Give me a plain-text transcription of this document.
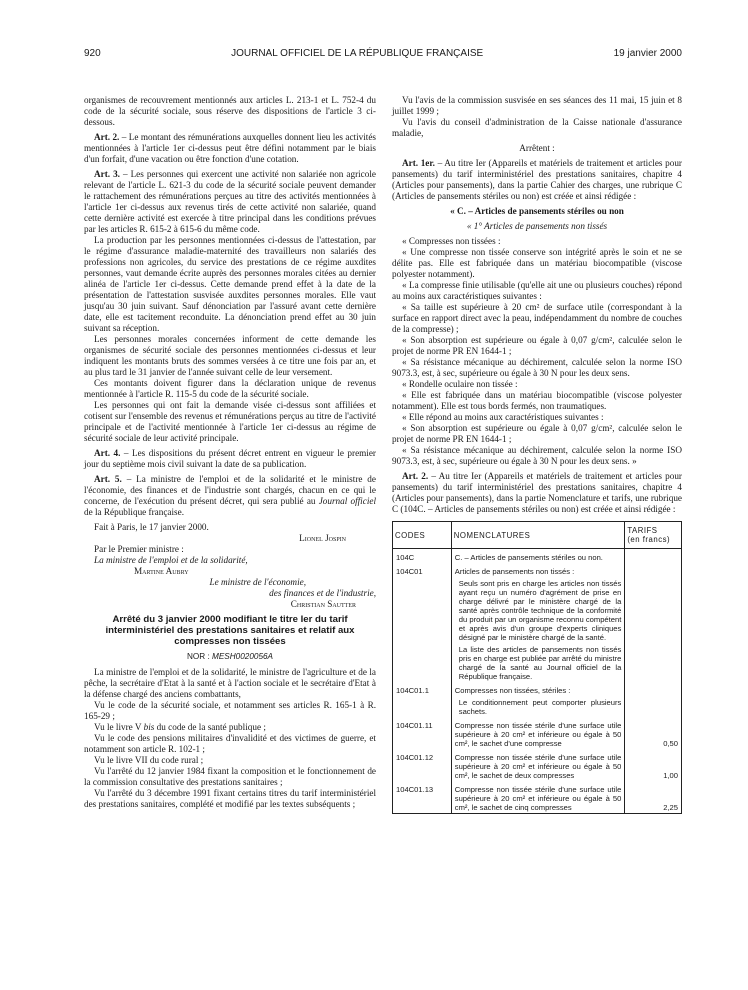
920	JOURNAL OFFICIEL DE LA RÉPUBLIQUE FRANÇAISE	19 janvier 2000

organismes de recouvrement mentionnés aux articles L. 213-1 et L. 752-4 du code de la sécurité sociale, sous réserve des dispositions de l'article 3 ci-dessous.

Art. 2. – Le montant des rémunérations auxquelles donnent lieu les activités mentionnées à l'article 1er ci-dessus peut être défini notamment par le biais d'un forfait, d'une vacation ou être fonction d'une cotation.

Art. 3. – Les personnes qui exercent une activité non salariée non agricole relevant de l'article L. 621-3 du code de la sécurité sociale peuvent demander le rattachement des rémunérations perçues au titre des activités mentionnées à l'article 1er ci-dessus aux revenus tirés de cette activité non salariée, quand cette dernière activité est exercée à titre principal dans les conditions prévues par les articles R. 615-2 à 615-6 du même code.

La production par les personnes mentionnées ci-dessus de l'attestation, par le régime d'assurance maladie-maternité des travailleurs non salariés des professions non agricoles, du service des prestations de ce régime auxdites personnes, vaut demande écrite auprès des personnes morales citées au dernier alinéa de l'article 1er ci-dessus. Cette demande prend effet à la date de la présentation de l'attestation susvisée auxdites personnes morales. Elle vaut jusqu'au 30 juin suivant. Sauf dénonciation par l'assuré avant cette dernière date, elle est tacitement reconduite. La dénonciation prend effet au 30 juin suivant sa réception.

Les personnes morales concernées informent de cette demande les organismes de sécurité sociale des personnes mentionnées ci-dessus et leur indiquent les montants bruts des sommes versées à ce titre une fois par an, et au plus tard le 31 janvier de l'année suivant celle de leur versement.

Ces montants doivent figurer dans la déclaration unique de revenus mentionnée à l'article R. 115-5 du code de la sécurité sociale.

Les personnes qui ont fait la demande visée ci-dessus sont affiliées et cotisent sur l'ensemble des revenus et rémunérations perçus au titre de l'activité principale et de l'activité mentionnée à l'article 1er ci-dessus au régime de sécurité sociale de leur activité principale.

Art. 4. – Les dispositions du présent décret entrent en vigueur le premier jour du septième mois civil suivant la date de sa publication.

Art. 5. – La ministre de l'emploi et de la solidarité et le ministre de l'économie, des finances et de l'industrie sont chargés, chacun en ce qui le concerne, de l'exécution du présent décret, qui sera publié au Journal officiel de la République française.

Fait à Paris, le 17 janvier 2000.

Lionel Jospin

Par le Premier ministre :

La ministre de l'emploi et de la solidarité,

Martine Aubry

Le ministre de l'économie,

des finances et de l'industrie,

Christian Sautter

Arrêté du 3 janvier 2000 modifiant le titre Ier du tarif interministériel des prestations sanitaires et relatif aux compresses non tissées
NOR : MESH0020056A

La ministre de l'emploi et de la solidarité, le ministre de l'agriculture et de la pêche, la secrétaire d'Etat à la santé et à l'action sociale et le secrétaire d'Etat à la défense chargé des anciens combattants,

Vu le code de la sécurité sociale, et notamment ses articles R. 165-1 à R. 165-29 ;

Vu le livre V bis du code de la santé publique ;

Vu le code des pensions militaires d'invalidité et des victimes de guerre, et notamment son article R. 102-1 ;

Vu le livre VII du code rural ;

Vu l'arrêté du 12 janvier 1984 fixant la composition et le fonctionnement de la commission consultative des prestations sanitaires ;

Vu l'arrêté du 3 décembre 1991 fixant certains titres du tarif interministériel des prestations sanitaires, complété et modifié par les textes subséquents ;

Vu l'avis de la commission susvisée en ses séances des 11 mai, 15 juin et 8 juillet 1999 ;

Vu l'avis du conseil d'administration de la Caisse nationale d'assurance maladie,

Arrêtent :

Art. 1er. – Au titre Ier (Appareils et matériels de traitement et articles pour pansements) du tarif interministériel des prestations sanitaires, chapitre 4 (Articles pour pansements), dans la partie Cahier des charges, une rubrique C (Articles de pansements stériles ou non) est créée et ainsi rédigée :

« C. – Articles de pansements stériles ou non

« 1° Articles de pansements non tissés

« Compresses non tissées :

« Une compresse non tissée conserve son intégrité après le soin et ne se délite pas. Elle est fabriquée dans un matériau biocompatible (viscose polyester notamment).

« La compresse finie utilisable (qu'elle ait une ou plusieurs couches) répond au moins aux caractéristiques suivantes :

« Sa taille est supérieure à 20 cm² de surface utile (correspondant à la surface en rapport direct avec la peau, indépendamment du nombre de couches de la compresse) ;

« Son absorption est supérieure ou égale à 0,07 g/cm², calculée selon le projet de norme PR EN 1644-1 ;

« Sa résistance mécanique au déchirement, calculée selon la norme ISO 9073.3, est, à sec, supérieure ou égale à 30 N pour les deux sens.

« Rondelle oculaire non tissée :

« Elle est fabriquée dans un matériau biocompatible (viscose polyester notamment). Elle est tous bords fermés, non traumatiques.

« Elle répond au moins aux caractéristiques suivantes :

« Son absorption est supérieure ou égale à 0,07 g/cm², calculée selon le projet de norme PR EN 1644-1 ;

« Sa résistance mécanique au déchirement, calculée selon la norme ISO 9073.3, est, à sec, supérieure ou égale à 30 N pour les deux sens. »

Art. 2. – Au titre Ier (Appareils et matériels de traitement et articles pour pansements) du tarif interministériel des prestations sanitaires, chapitre 4 (Articles pour pansements), dans la partie Nomenclature et tarifs, une rubrique C (104C. – Articles de pansements stériles ou non) est créée et ainsi rédigée :

CODES	NOMENCLATURES	TARIFS
(en francs)

104C	C. – Articles de pansements stériles ou non.	

104C01	Articles de pansements non tissés :
Seuls sont pris en charge les articles non tissés ayant reçu un numéro d'agrément de prise en charge délivré par le ministère chargé de la santé après contrôle technique de la conformité du produit par un organisme reconnu compétent et après avis d'un groupe d'experts cliniques désigné par le ministère chargé de la santé.
La liste des articles de pansements non tissés pris en charge est publiée par arrêté du ministre chargé de la santé au Journal officiel de la République française.	

104C01.1	Compresses non tissées, stériles :
Le conditionnement peut comporter plusieurs sachets.	

104C01.11	Compresse non tissée stérile d'une surface utile supérieure à 20 cm² et inférieure ou égale à 50 cm², le sachet d'une compresse	0,50
104C01.12	Compresse non tissée stérile d'une surface utile supérieure à 20 cm² et inférieure ou égale à 50 cm², le sachet de deux compresses	1,00
104C01.13	Compresse non tissée stérile d'une surface utile supérieure à 20 cm² et inférieure ou égale à 50 cm², le sachet de cinq compresses	2,25
